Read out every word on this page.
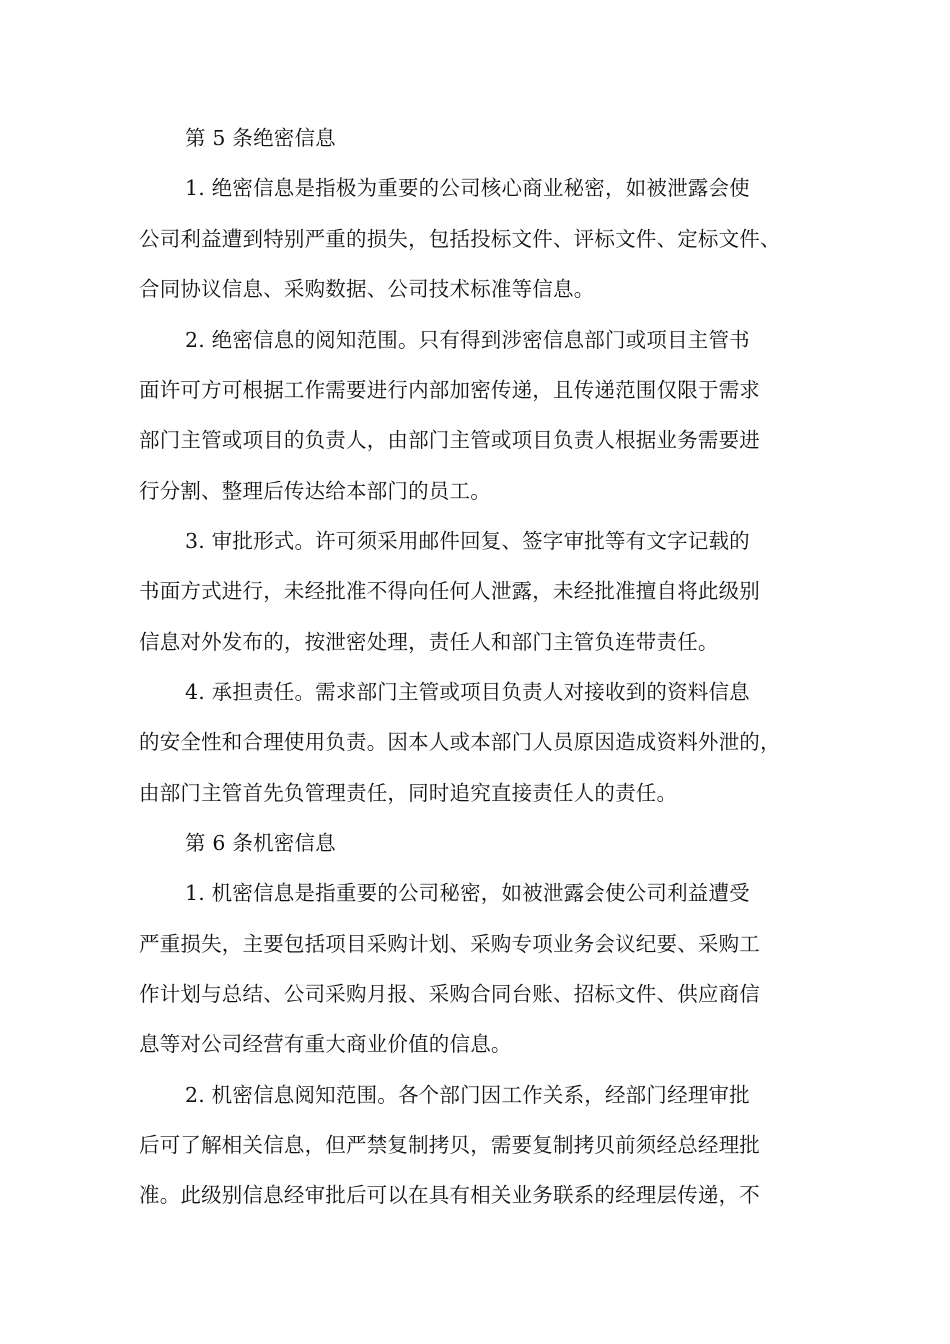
第 5 条绝密信息
1. 绝密信息是指极为重要的公司核心商业秘密，如被泄露会使
公司利益遭到特别严重的损失，包括投标文件、评标文件、定标文件、
合同协议信息、采购数据、公司技术标准等信息。
2. 绝密信息的阅知范围。只有得到涉密信息部门或项目主管书
面许可方可根据工作需要进行内部加密传递，且传递范围仅限于需求
部门主管或项目的负责人，由部门主管或项目负责人根据业务需要进
行分割、整理后传达给本部门的员工。
3. 审批形式。许可须采用邮件回复、签字审批等有文字记载的
书面方式进行，未经批准不得向任何人泄露，未经批准擅自将此级别
信息对外发布的，按泄密处理，责任人和部门主管负连带责任。
4. 承担责任。需求部门主管或项目负责人对接收到的资料信息
的安全性和合理使用负责。因本人或本部门人员原因造成资料外泄的，
由部门主管首先负管理责任，同时追究直接责任人的责任。
第 6 条机密信息
1. 机密信息是指重要的公司秘密，如被泄露会使公司利益遭受
严重损失，主要包括项目采购计划、采购专项业务会议纪要、采购工
作计划与总结、公司采购月报、采购合同台账、招标文件、供应商信
息等对公司经营有重大商业价值的信息。
2. 机密信息阅知范围。各个部门因工作关系，经部门经理审批
后可了解相关信息，但严禁复制拷贝，需要复制拷贝前须经总经理批
准。此级别信息经审批后可以在具有相关业务联系的经理层传递，不
